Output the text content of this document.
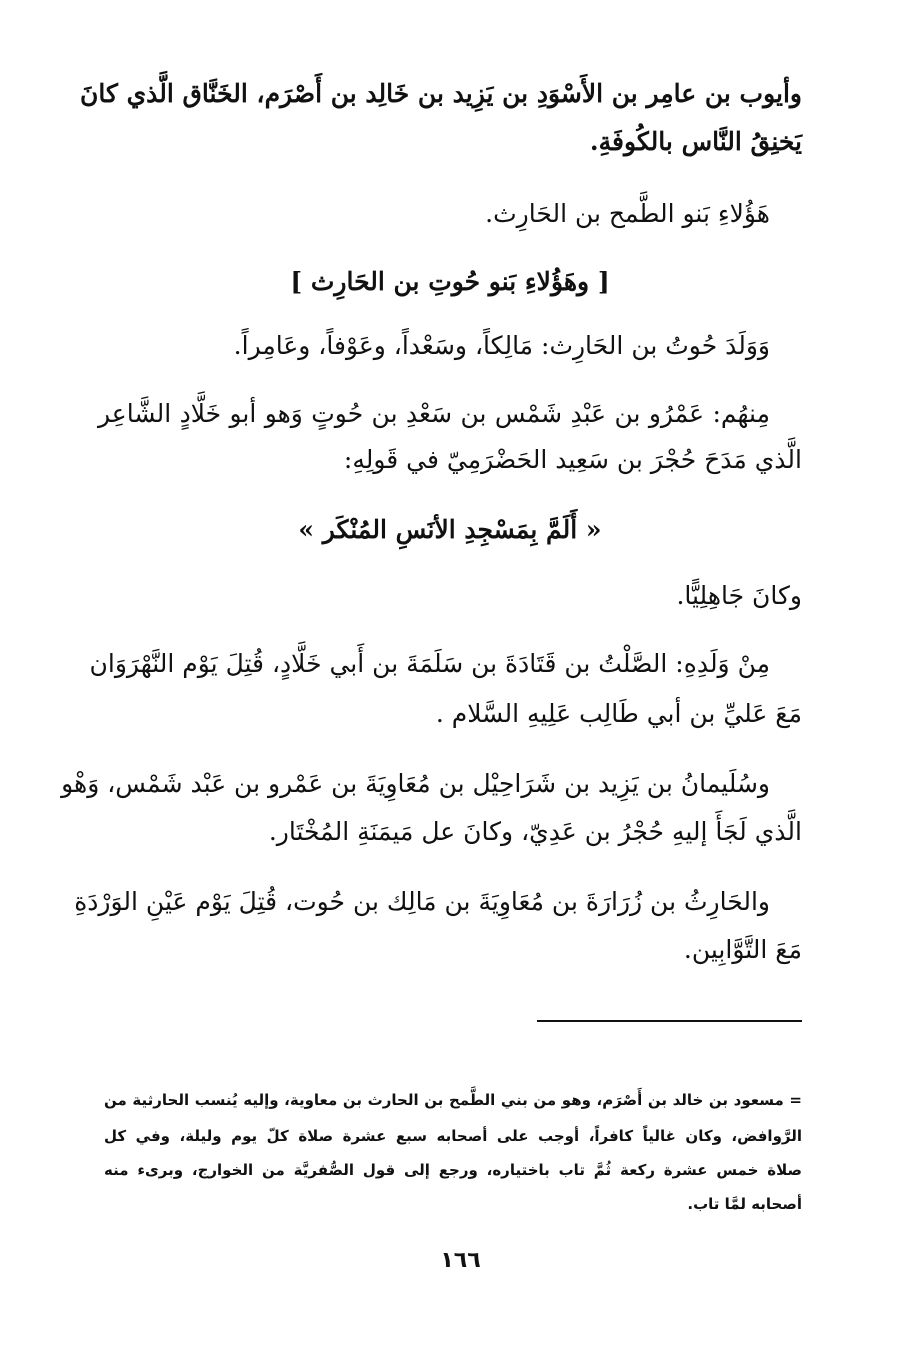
وأيوب بن عامِر بن الأَسْوَدِ بن يَزِيد بن خَالِد بن أَصْرَم، الخَنَّاق الَّذي كانَ
يَخنِقُ النَّاس بالكُوفَةِ.
هَؤُلاءِ بَنو الطَّمح بن الحَارِث.
[ وهَؤُلاءِ بَنو حُوتِ بن الحَارِث ]
وَوَلَدَ حُوتُ بن الحَارِث: مَالِكاً، وسَعْداً، وعَوْفاً، وعَامِراً.
مِنهُم: عَمْرُو بن عَبْدِ شَمْس بن سَعْدِ بن حُوتٍ وَهو أبو خَلَّادٍ الشَّاعِر
الَّذي مَدَحَ حُجْرَ بن سَعِيد الحَضْرَمِيّ في قَولِهِ:
« أَلَمَّ بِمَسْجِدِ الأنَسِ المُنْكَر »
وكانَ جَاهِلِيًّا.
مِنْ وَلَدِهِ: الصَّلْتُ بن قَتَادَةَ بن سَلَمَةَ بن أَبي خَلَّادٍ، قُتِلَ يَوْم النَّهْرَوَان
مَعَ عَليِّ بن أبي طَالِب عَلِيهِ السَّلام .
وسُلَيمانُ بن يَزِيد بن شَرَاحِيْل بن مُعَاوِيَةَ بن عَمْرو بن عَبْد شَمْس، وَهْو
الَّذي لَجَأَ إليهِ حُجْرُ بن عَدِيّ، وكانَ عل مَيمَنَةِ المُخْتَار.
والحَارِثُ بن زُرَارَةَ بن مُعَاوِيَةَ بن مَالِك بن حُوت، قُتِلَ يَوْم عَيْنِ الوَرْدَةِ
مَعَ التَّوَّابِين.
= مسعود بن خالد بن أَصْرَم، وهو من بني الطَّمح بن الحارث بن معاوية، وإليه يُنسب الحارثية من
الرَّوافض، وكان غالياً كافراً، أوجب على أصحابه سبع عشرة صلاة كلّ يوم وليلة، وفي كل
صلاة خمس عشرة ركعة ثُمَّ تاب باختياره، ورجع إلى قول الصُّفريَّة من الخوارج، وبرىء منه
أصحابه لمَّا تاب.
١٦٦
